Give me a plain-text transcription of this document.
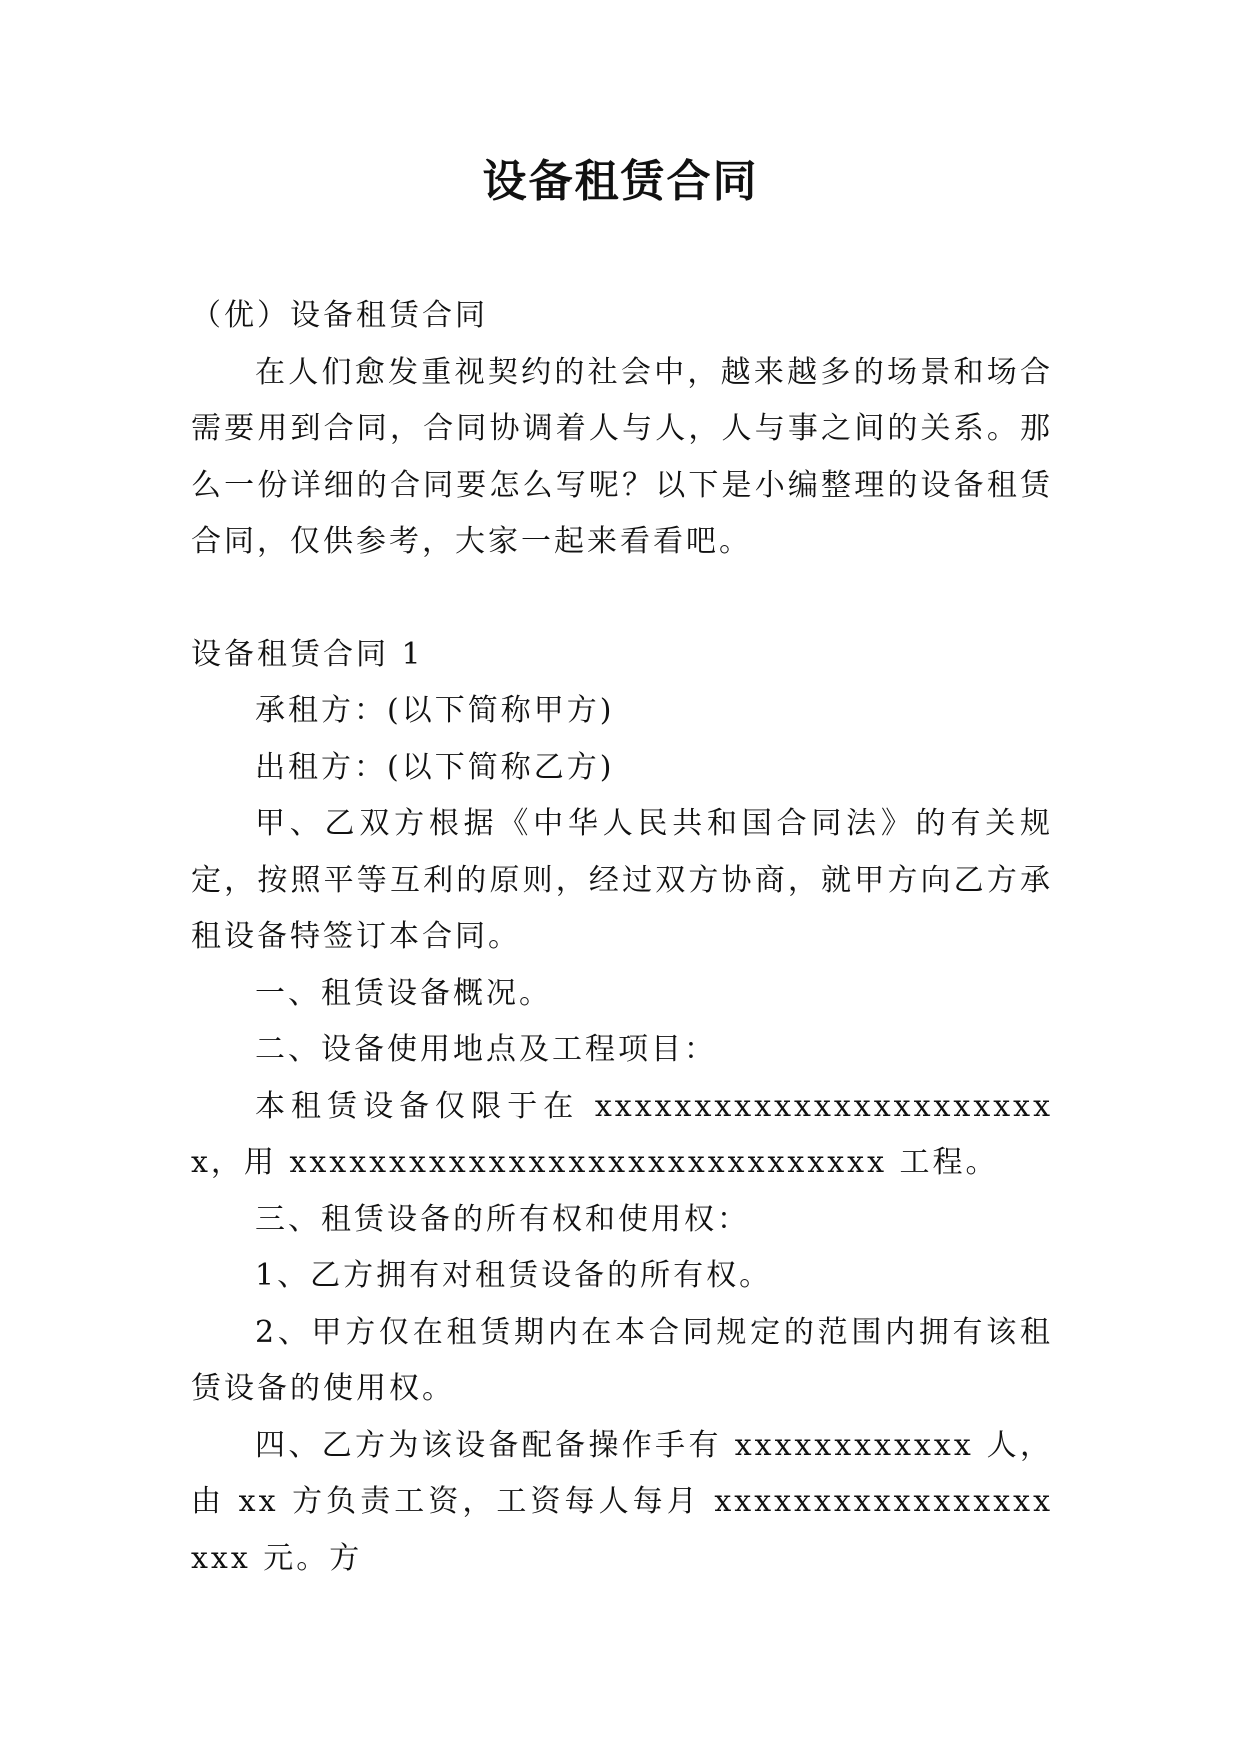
设备租赁合同

（优）设备租赁合同

在人们愈发重视契约的社会中，越来越多的场景和场合需要用到合同，合同协调着人与人，人与事之间的关系。那么一份详细的合同要怎么写呢？以下是小编整理的设备租赁合同，仅供参考，大家一起来看看吧。

设备租赁合同 1

承租方：(以下简称甲方)

出租方：(以下简称乙方)

甲、乙双方根据《中华人民共和国合同法》的有关规定，按照平等互利的原则，经过双方协商，就甲方向乙方承租设备特签订本合同。

一、租赁设备概况。

二、设备使用地点及工程项目：

本租赁设备仅限于在 xxxxxxxxxxxxxxxxxxxxxxxx，用 xxxxxxxxxxxxxxxxxxxxxxxxxxxxxx 工程。

三、租赁设备的所有权和使用权：

1、乙方拥有对租赁设备的所有权。

2、甲方仅在租赁期内在本合同规定的范围内拥有该租赁设备的使用权。

四、乙方为该设备配备操作手有 xxxxxxxxxxxx 人，由 xx 方负责工资，工资每人每月 xxxxxxxxxxxxxxxxxxxx 元。方
